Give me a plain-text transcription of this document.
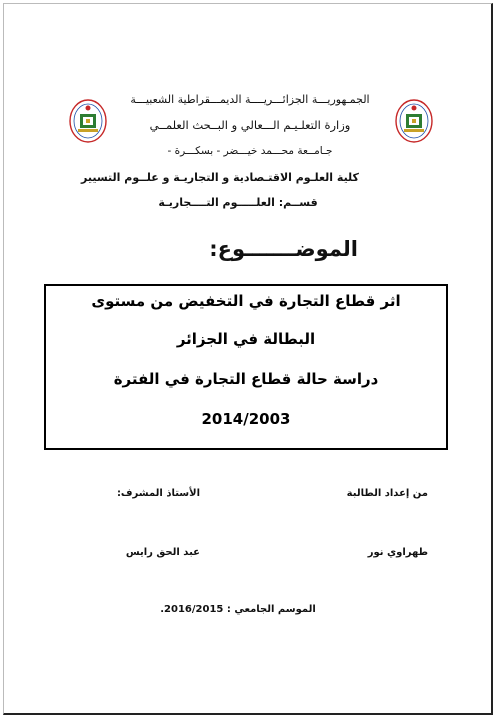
الجمـهوريـــة الجزائـــريــــة الديمـــقراطية الشعبيـــة
وزارة التعلـيـم الـــعالي و البــحث العلمــي
جـامــعة محـــمد خيـــضر - بسكـــرة -
كلية العلـوم الاقتـصادية و التجاريـة و علــوم التسيير
قســم: العلـــــوم التــــجاريـة
الموضـــــــوع:
اثر قطاع التجارة في التخفيض من مستوى
البطالة في الجزائر
دراسة حالة قطاع التجارة في الفترة
2014/2003
من إعداد الطالبة
الأستاذ المشرف:
طهراوي نور
عبد الحق رايس
الموسم الجامعي : 2016/2015.
